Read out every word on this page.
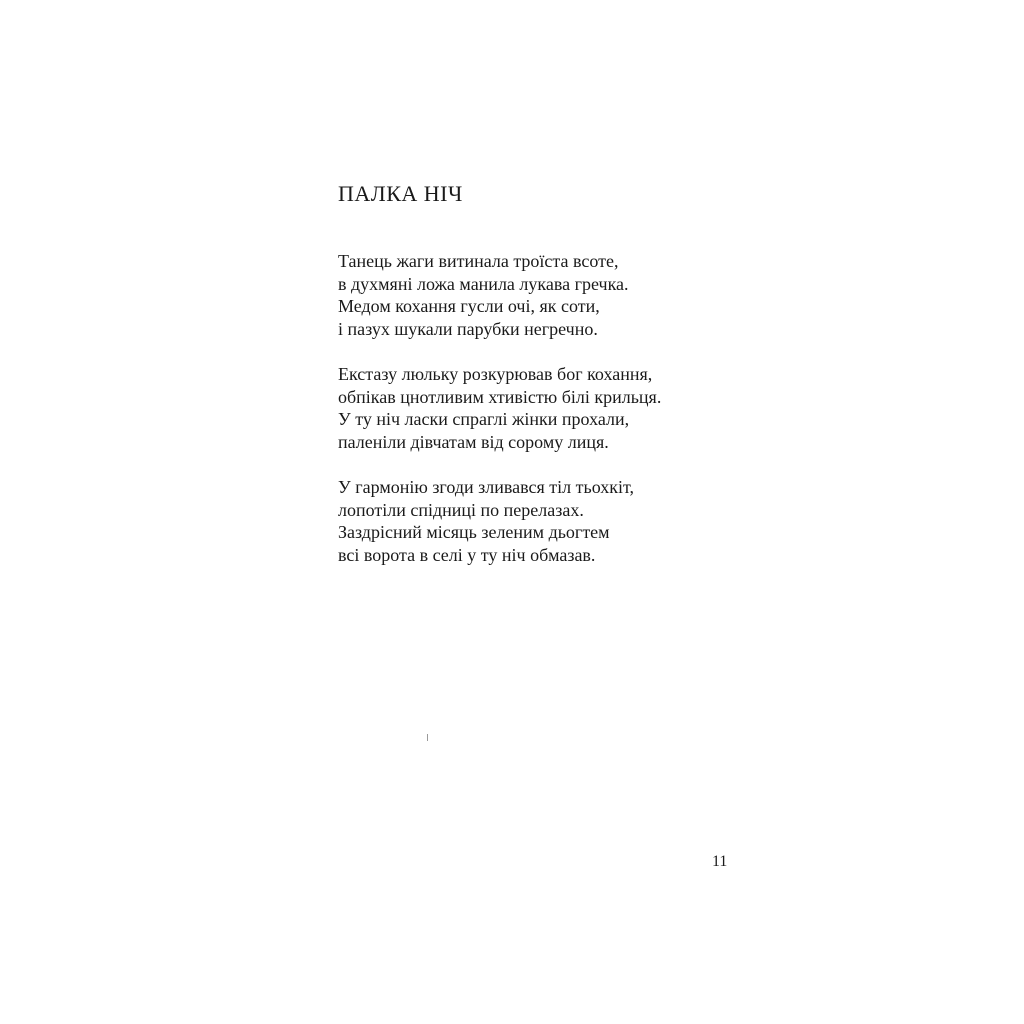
ПАЛКА НІЧ
Танець жаги витинала троїста всоте,
в духмяні ложа манила лукава гречка.
Медом кохання гусли очі, як соти,
і пазух шукали парубки негречно.
Екстазу люльку розкурював бог кохання,
обпікав цнотливим хтивістю білі крильця.
У ту ніч ласки спраглі жінки прохали,
паленіли дівчатам від сорому лиця.
У гармонію згоди зливався тіл тьохкіт,
лопотіли спідниці по перелазах.
Заздрісний місяць зеленим дьогтем
всі ворота в селі у ту ніч обмазав.
11
